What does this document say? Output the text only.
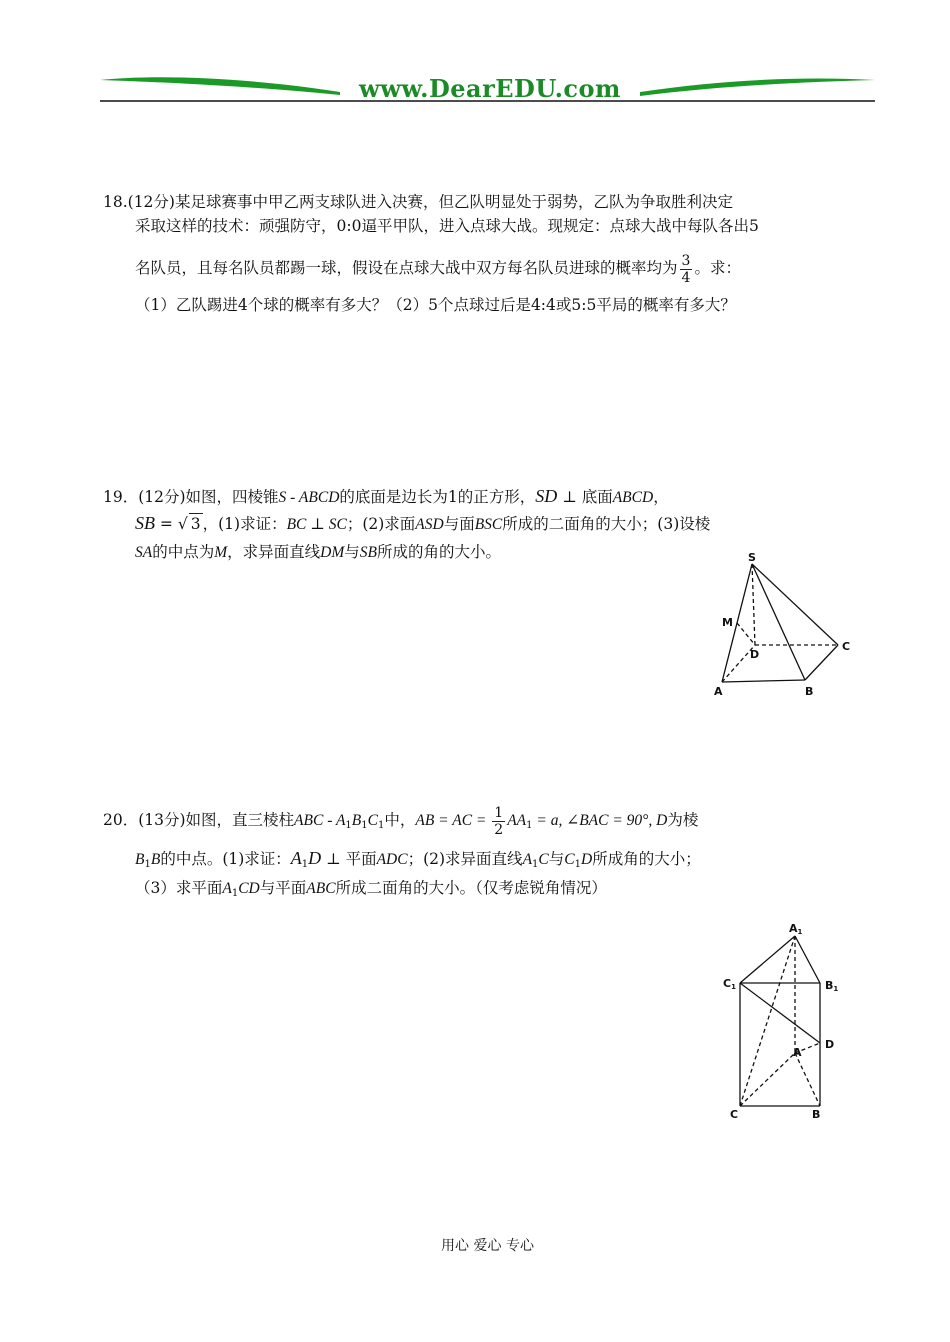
www.DearEDU.com
18.(12分)某足球赛事中甲乙两支球队进入决赛，但乙队明显处于弱势，乙队为争取胜利决定
采取这样的技术：顽强防守，0:0逼平甲队，进入点球大战。现规定：点球大战中每队各出5
名队员，且每名队员都踢一球，假设在点球大战中双方每名队员进球的概率均为 $\frac{3}{4}$ 。求：
（1）乙队踢进4个球的概率有多大？（2）5个点球过后是4:4或5:5平局的概率有多大？
19．(12分)如图，四棱锥S - ABCD的底面是边长为1的正方形，SD ⊥ 底面ABCD，
SB = √ 3 ，(1)求证：BC ⊥ SC；(2)求面ASD与面BSC所成的二面角的大小；(3)设棱
SA的中点为M，求异面直线DM与SB所成的角的大小。	S
M
D
C
A	B
20．(13分)如图，直三棱柱ABC - $A_1B_1C_1$中，AB = AC = $\frac{1}{2} AA_1 = a$, ∠BAC = 90°, D为棱
$B_1B$的中点。(1)求证：$A_1D$ ⊥ 平面ADC；(2)求异面直线$A_1C$与$C_1D$所成角的大小；
（3）求平面$A_1CD$与平面ABC所成二面角的大小。（仅考虑锐角情况）
A1
C1	B1
D
A
C	B
用心 爱心 专心
